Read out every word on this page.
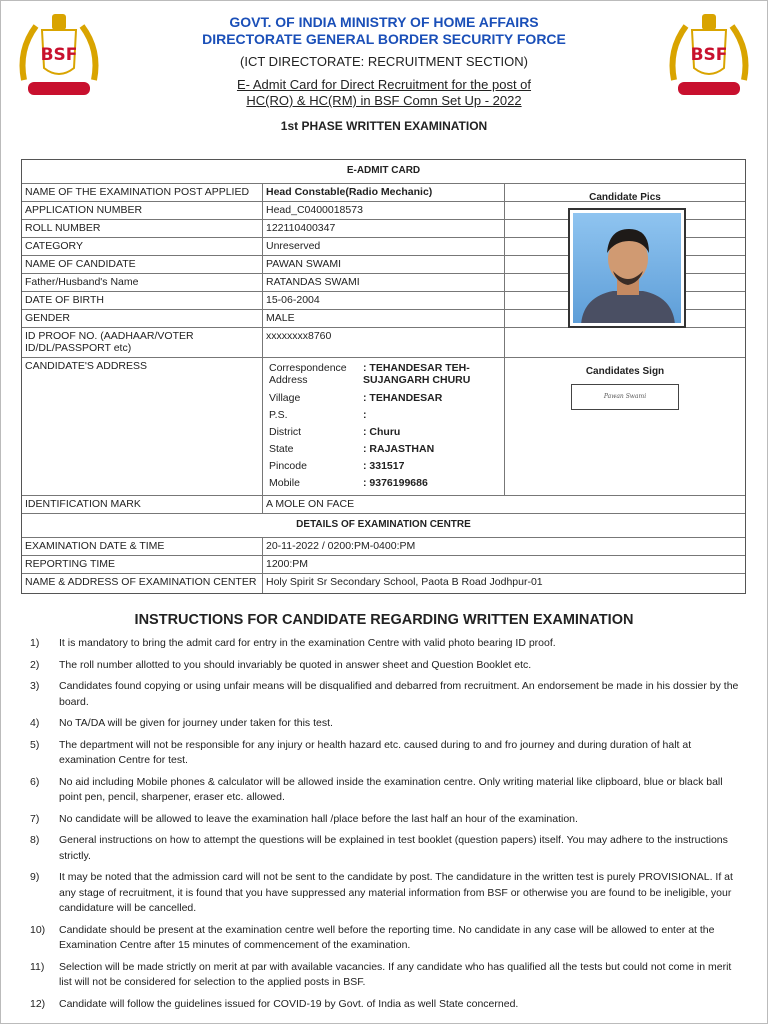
BSF	BSF
GOVT. OF INDIA MINISTRY OF HOME AFFAIRS
DIRECTORATE GENERAL BORDER SECURITY FORCE
(ICT DIRECTORATE: RECRUITMENT SECTION)
E- Admit Card for Direct Recruitment for the post of
HC(RO) & HC(RM) in BSF Comn Set Up - 2022
1st PHASE WRITTEN EXAMINATION
E-ADMIT CARD
NAME OF THE EXAMINATION POST APPLIED	Head Constable(Radio Mechanic)
APPLICATION NUMBER	Head_C0400018573
ROLL NUMBER	122110400347
CATEGORY	Unreserved
NAME OF CANDIDATE	PAWAN SWAMI
Father/Husband's Name	RATANDAS SWAMI
DATE OF BIRTH	15-06-2004
GENDER	MALE
ID PROOF NO. (AADHAAR/VOTER ID/DL/PASSPORT etc)
xxxxxxxx8760
CANDIDATE'S ADDRESS	Correspondence Address
: TEHANDESAR TEH-SUJANGARH CHURU
Village	: TEHANDESAR
P.S.	:
District	: Churu
State	: RAJASTHAN
Pincode	: 331517
Mobile	: 9376199686
Candidate Pics
Candidates Sign
Pawan Swami
IDENTIFICATION MARK	A MOLE ON FACE
DETAILS OF EXAMINATION CENTRE
EXAMINATION DATE & TIME	20-11-2022 / 0200:PM-0400:PM
REPORTING TIME	1200:PM
NAME & ADDRESS OF EXAMINATION CENTER Holy Spirit Sr Secondary School, Paota B Road Jodhpur-01
INSTRUCTIONS FOR CANDIDATE REGARDING WRITTEN EXAMINATION
1)	It is mandatory to bring the admit card for entry in the examination Centre with valid photo bearing ID proof.
2)	The roll number allotted to you should invariably be quoted in answer sheet and Question Booklet etc.
3)	Candidates found copying or using unfair means will be disqualified and debarred from recruitment. An endorsement be made in his dossier by the board.
4)	No TA/DA will be given for journey under taken for this test.
5)	The department will not be responsible for any injury or health hazard etc. caused during to and fro journey and during duration of halt at examination Centre for test.
6)	No aid including Mobile phones & calculator will be allowed inside the examination centre. Only writing material like clipboard, blue or black ball point pen, pencil, sharpener, eraser etc. allowed.
7)	No candidate will be allowed to leave the examination hall /place before the last half an hour of the examination.
8)	General instructions on how to attempt the questions will be explained in test booklet (question papers) itself. You may adhere to the instructions strictly.
9)	It may be noted that the admission card will not be sent to the candidate by post. The candidature in the written test is purely PROVISIONAL. If at any stage of recruitment, it is found that you have suppressed any material information from BSF or otherwise you are found to be ineligible, your candidature will be cancelled.
10)	Candidate should be present at the examination centre well before the reporting time. No candidate in any case will be allowed to enter at the Examination Centre after 15 minutes of commencement of the examination.
11)	Selection will be made strictly on merit at par with available vacancies. If any candidate who has qualified all the tests but could not come in merit list will not be considered for selection to the applied posts in BSF.
12)	Candidate will follow the guidelines issued for COVID-19 by Govt. of India as well State concerned.
